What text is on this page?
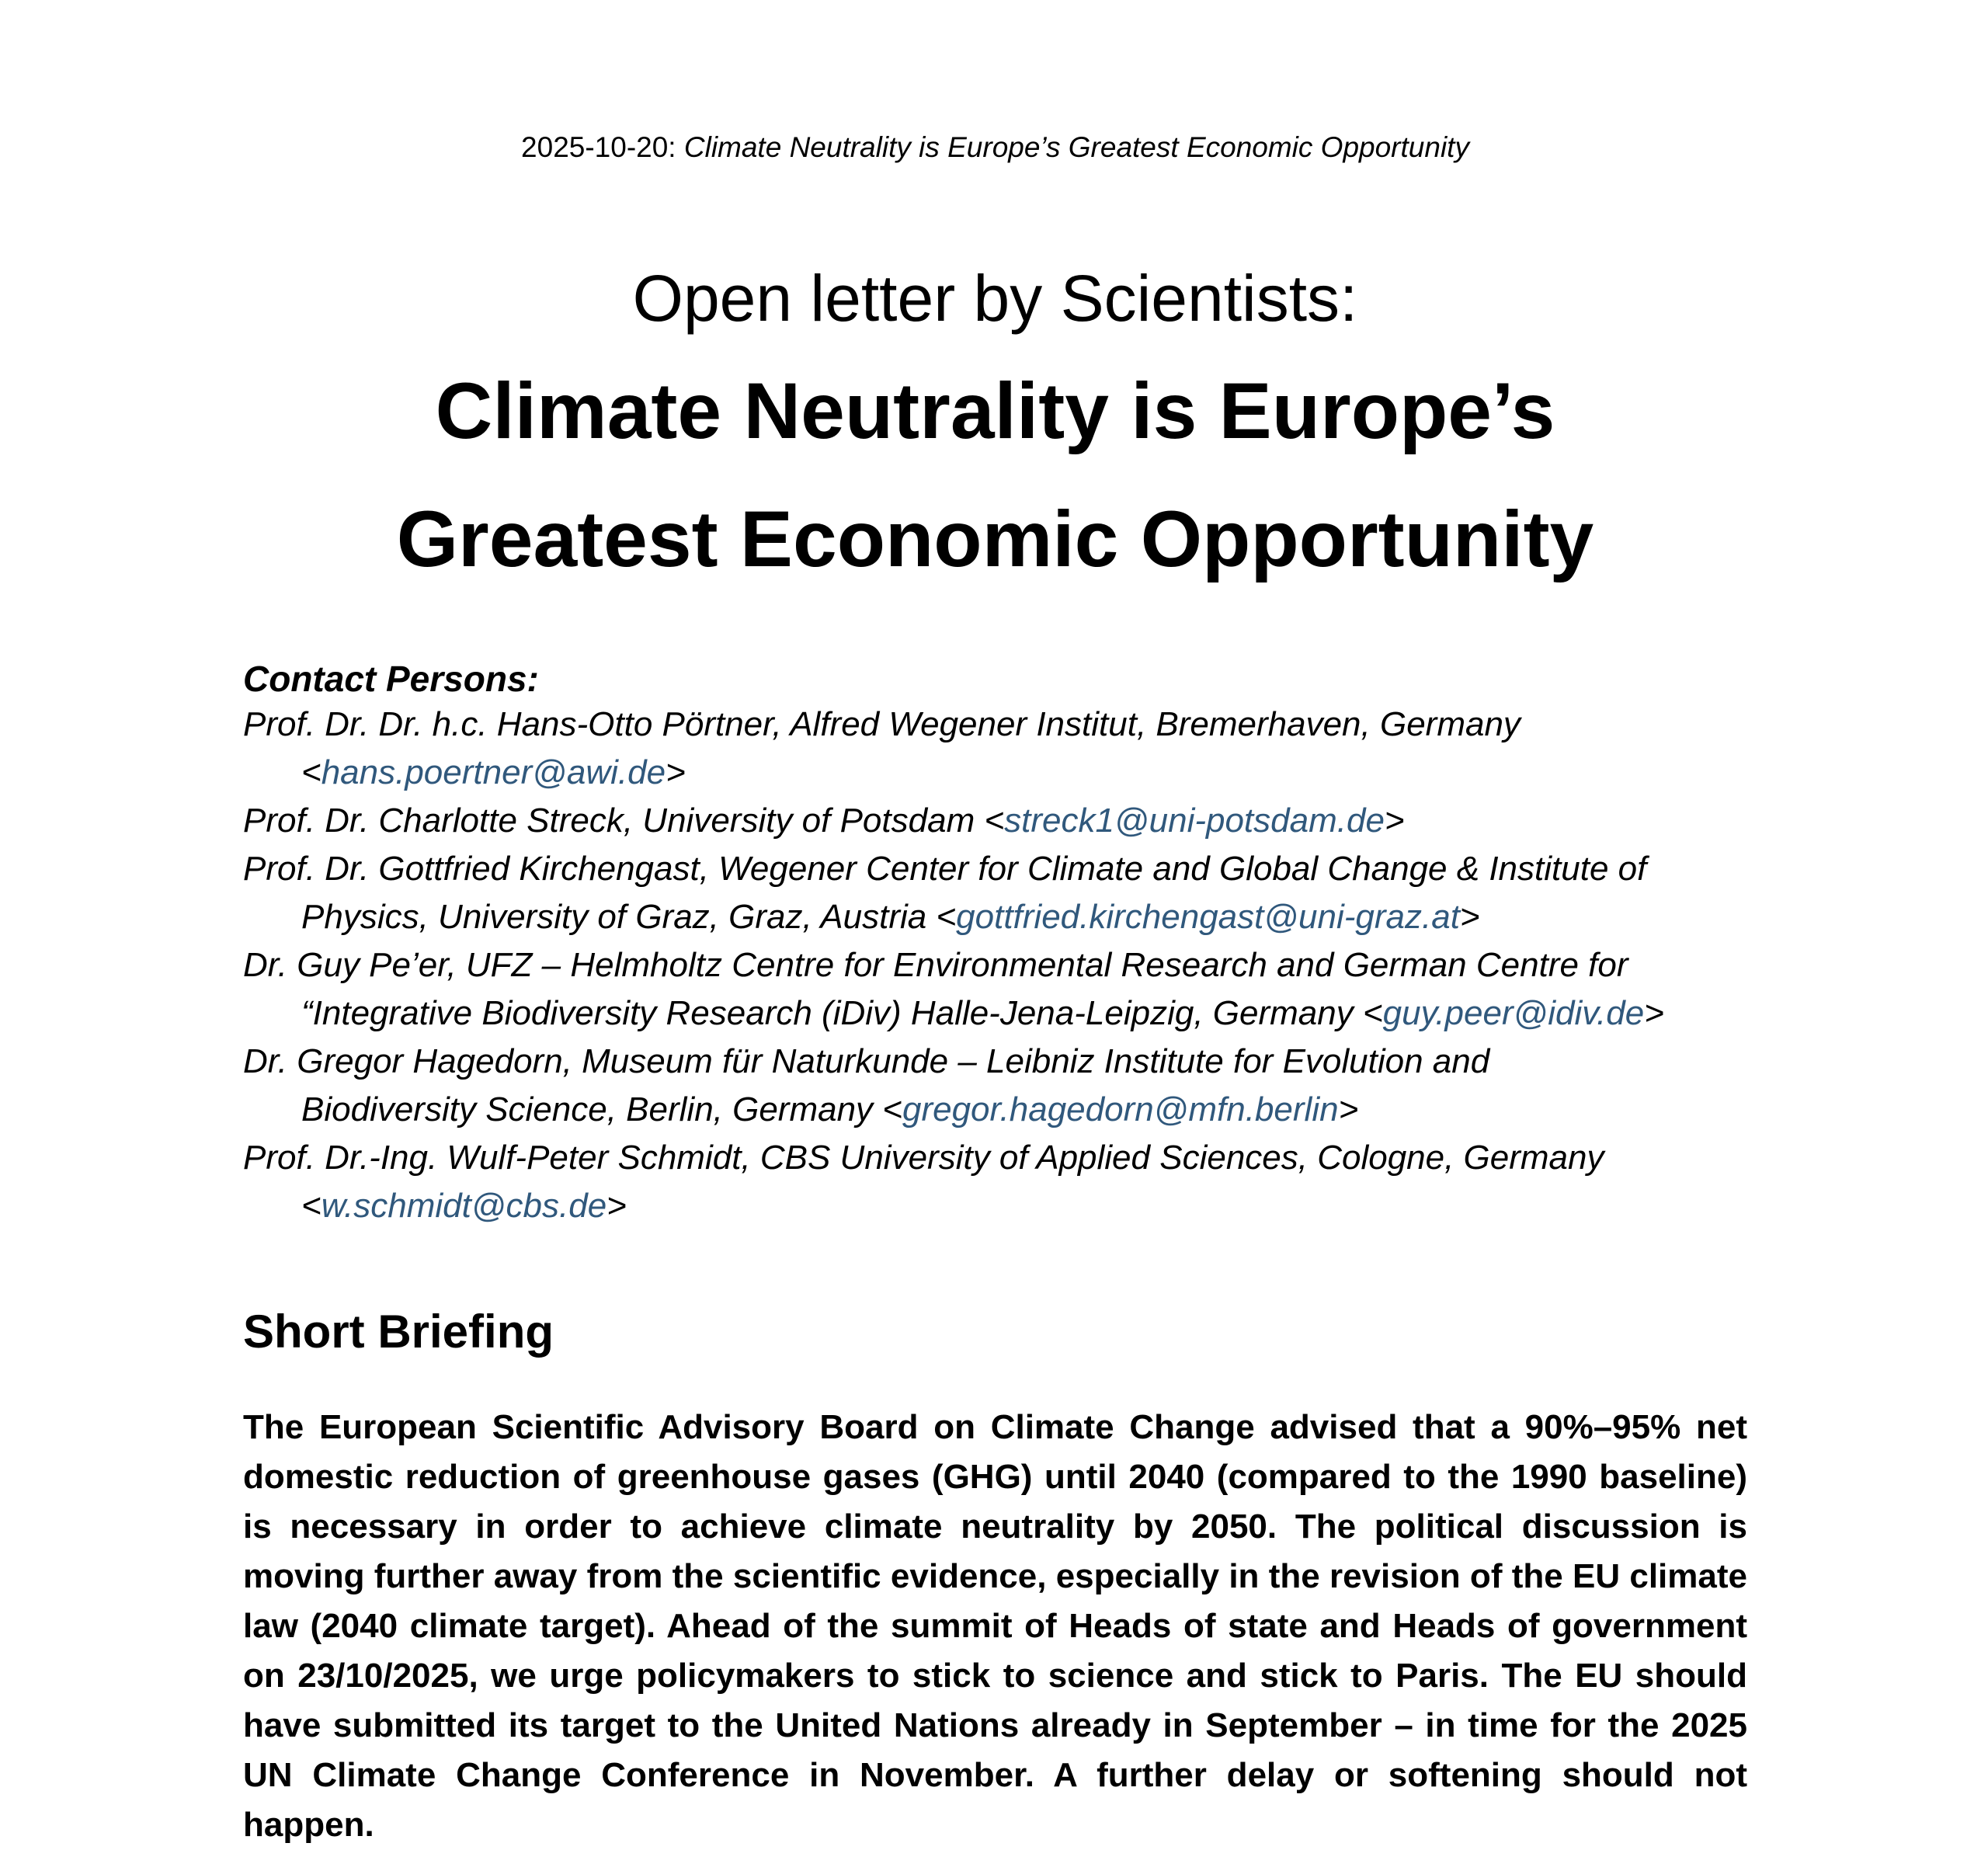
2025-10-20: Climate Neutrality is Europe’s Greatest Economic Opportunity
Open letter by Scientists:
Climate Neutrality is Europe’s
Greatest Economic Opportunity
Contact Persons:
Prof. Dr. Dr. h.c. Hans-Otto Pörtner, Alfred Wegener Institut, Bremerhaven, Germany
<hans.poertner@awi.de>
Prof. Dr. Charlotte Streck, University of Potsdam <streck1@uni-potsdam.de>
Prof. Dr. Gottfried Kirchengast, Wegener Center for Climate and Global Change & Institute of
Physics, University of Graz, Graz, Austria <gottfried.kirchengast@uni-graz.at>
Dr. Guy Pe’er, UFZ – Helmholtz Centre for Environmental Research and German Centre for
“Integrative Biodiversity Research (iDiv) Halle-Jena-Leipzig, Germany <guy.peer@idiv.de>
Dr. Gregor Hagedorn, Museum für Naturkunde – Leibniz Institute for Evolution and
Biodiversity Science, Berlin, Germany <gregor.hagedorn@mfn.berlin>
Prof. Dr.-Ing. Wulf-Peter Schmidt, CBS University of Applied Sciences, Cologne, Germany
<w.schmidt@cbs.de>
Short Briefing

The European Scientific Advisory Board on Climate Change advised that a 90%–95% net domestic reduction of greenhouse gases (GHG) until 2040 (compared to the 1990 baseline) is necessary in order to achieve climate neutrality by 2050. The political discussion is moving further away from the scientific evidence, especially in the revision of the EU climate law (2040 climate target). Ahead of the summit of Heads of state and Heads of government on 23/10/2025, we urge policymakers to stick to science and stick to Paris. The EU should have submitted its target to the United Nations already in September – in time for the 2025 UN Climate Change Conference in November. A further delay or softening should not happen.
